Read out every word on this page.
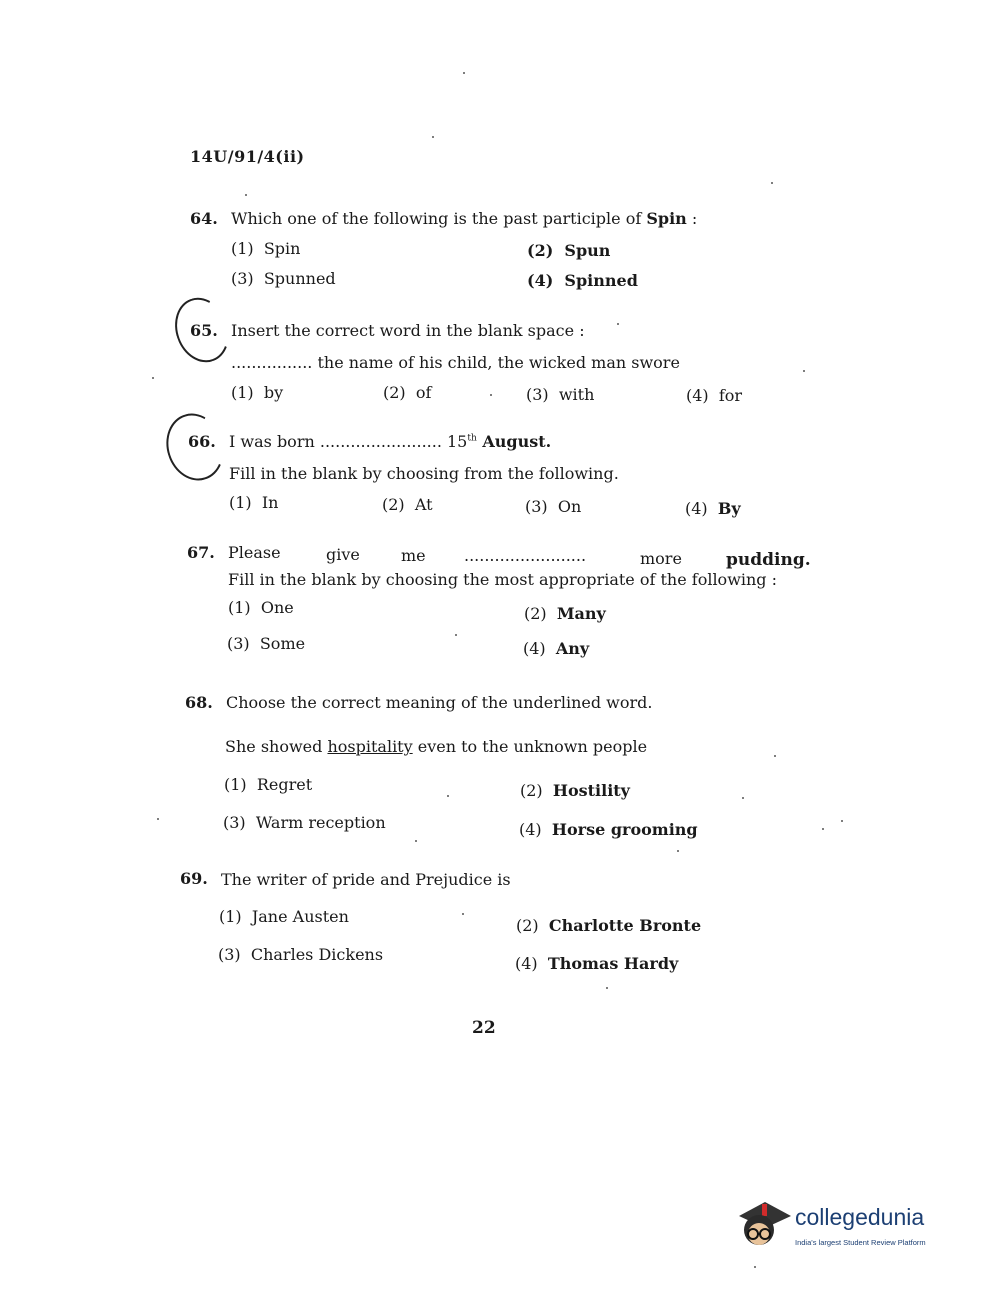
14U/91/4(ii)
64. Which one of the following is the past participle of Spin :
(1) Spin	(2) Spun
(3) Spunned	(4) Spinned
65. Insert the correct word in the blank space :
................ the name of his child, the wicked man swore
(1) by	(2) of	(3) with	(4) for
66. I was born ........................ 15th August.
Fill in the blank by choosing from the following.
(1) In	(2) At	(3) On	(4) By
67. Please	give	me ........................	more	pudding.
Fill in the blank by choosing the most appropriate of the following :
(1) One	(2) Many
(3) Some	(4) Any
68. Choose the correct meaning of the underlined word.
She showed hospitality even to the unknown people
(1) Regret	(2) Hostility
(3) Warm reception	(4) Horse grooming
69. The writer of pride and Prejudice is
(1) Jane Austen	(2) Charlotte Bronte
(3) Charles Dickens	(4) Thomas Hardy
22
collegedunia
India's largest Student Review Platform
